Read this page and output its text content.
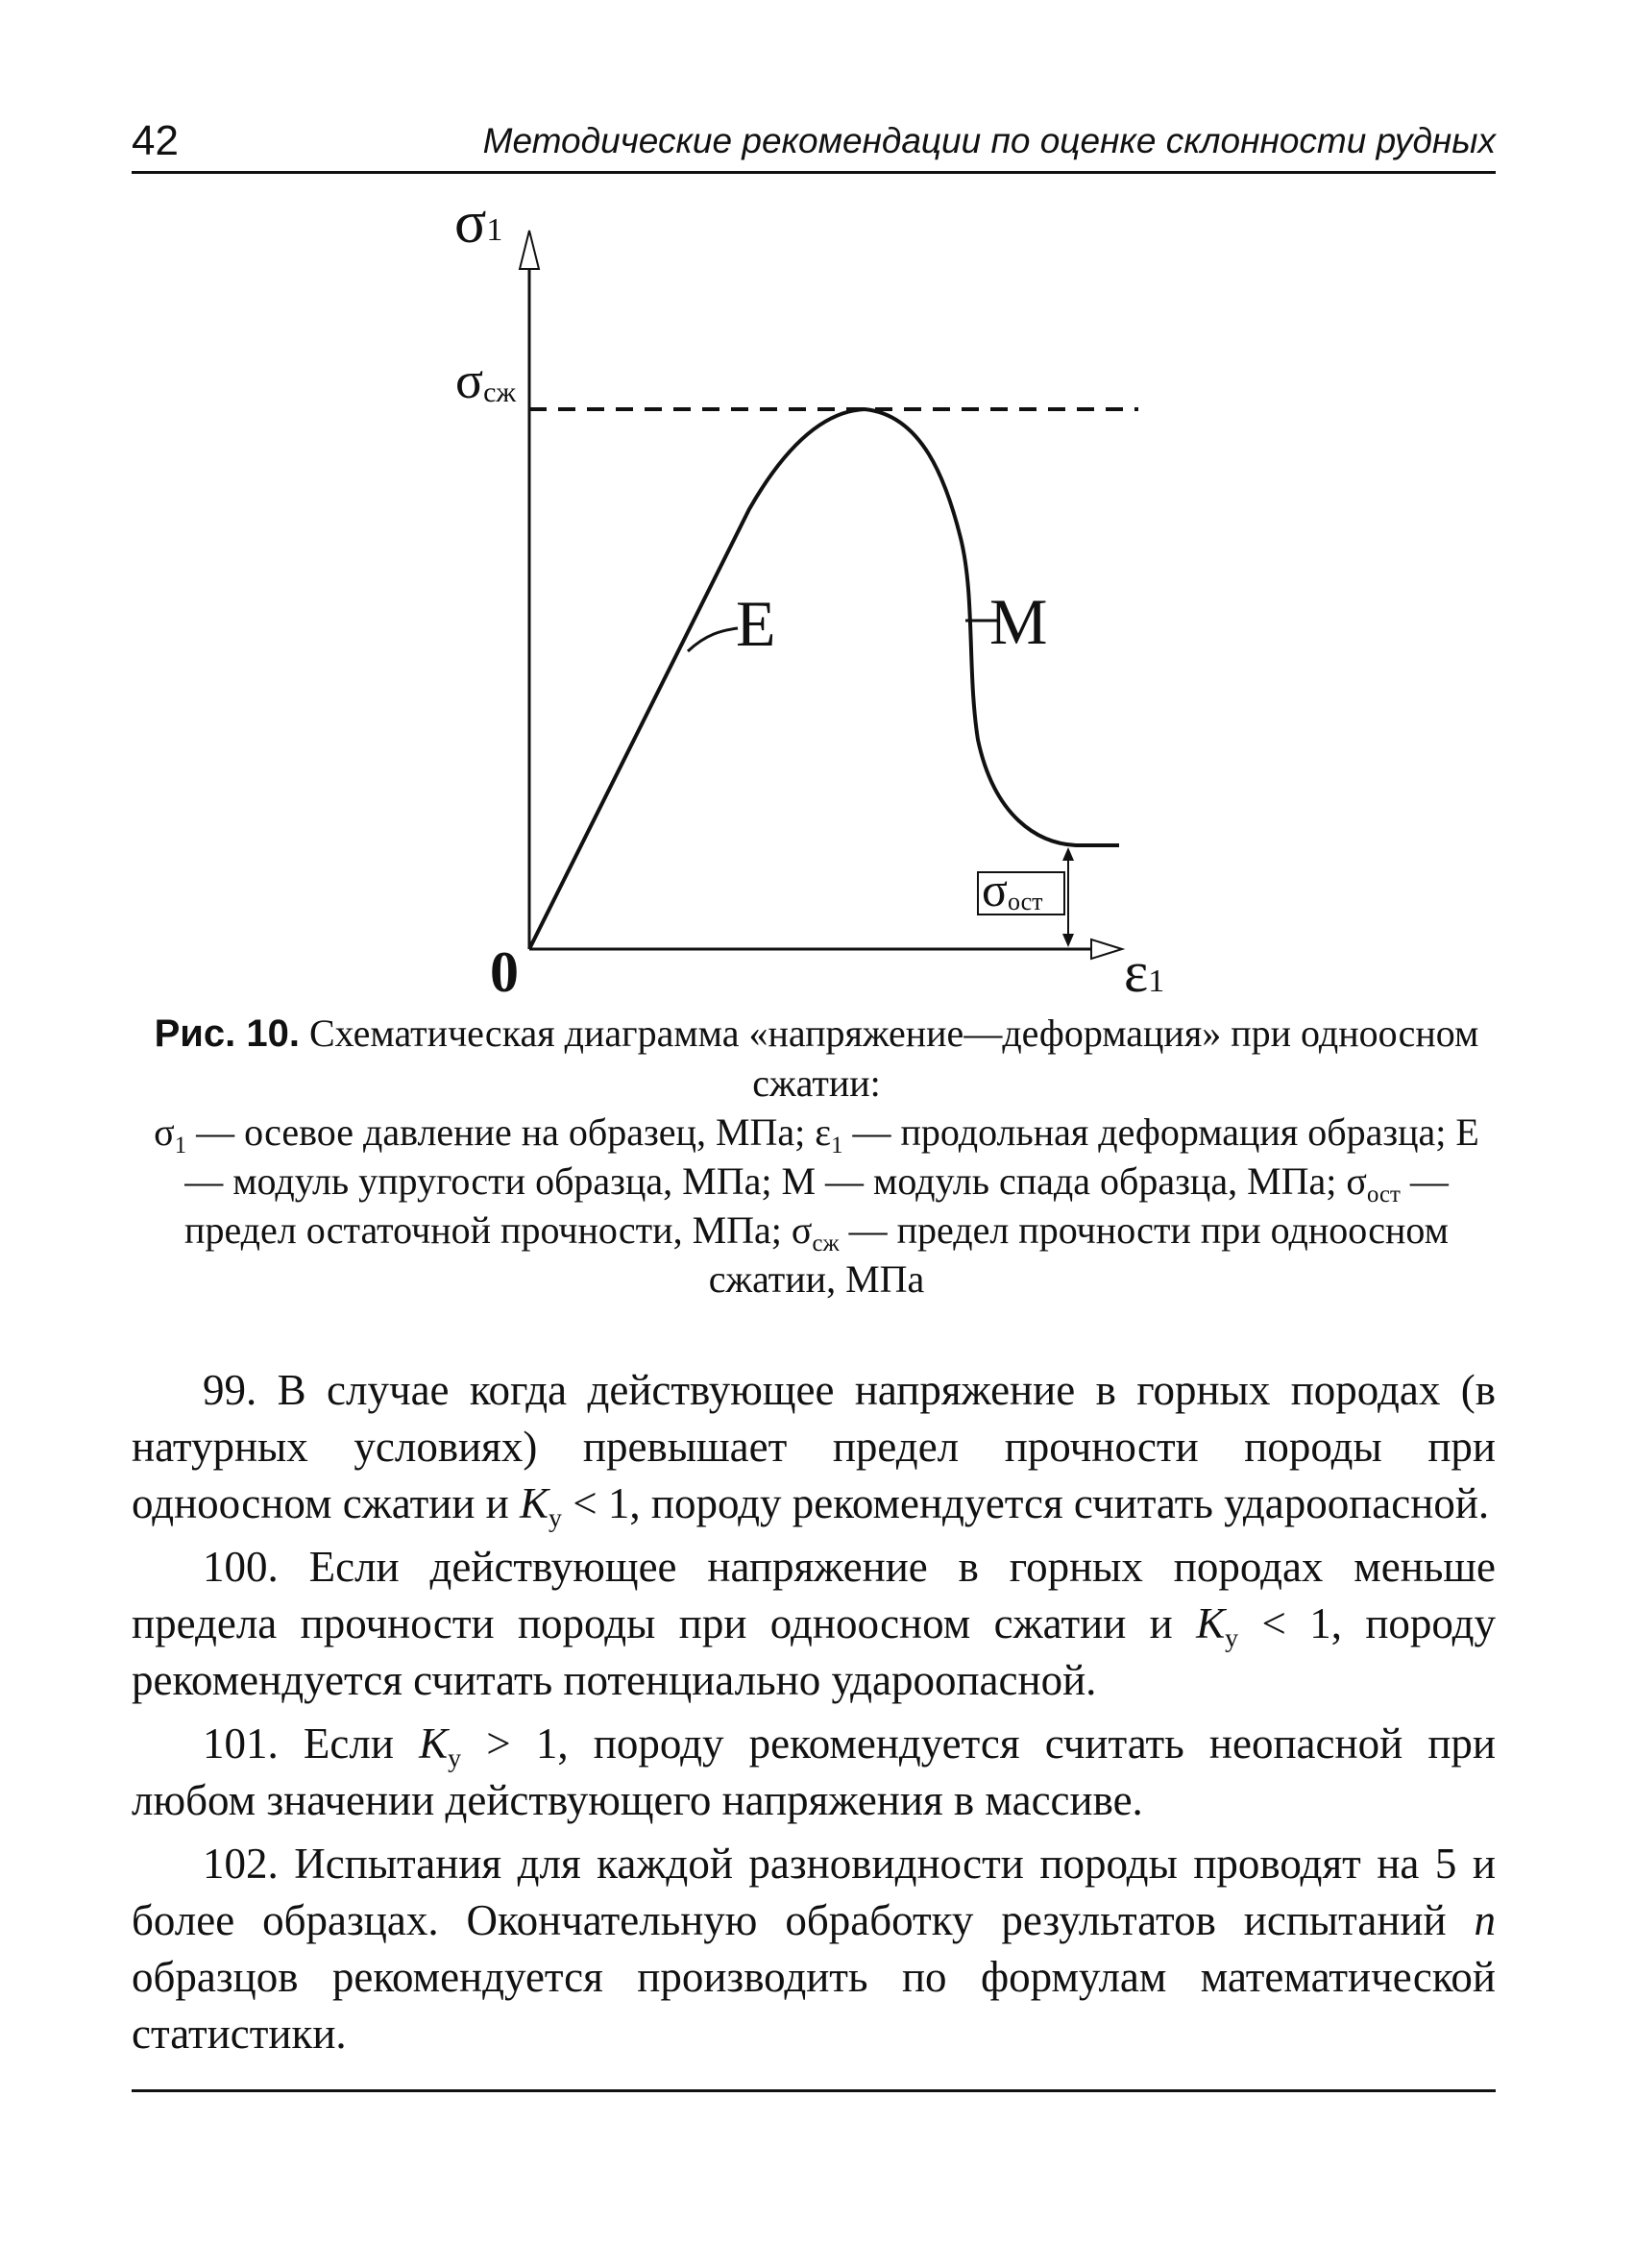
42	Методические рекомендации по оценке склонности рудных
E	M
σ1
σсж
σост
0	ε1
Рис. 10. Схематическая диаграмма «напряжение—деформация» при одноосном сжатии:
$\sigma_1$ — осевое давление на образец, МПа; $\varepsilon_1$ — продольная деформация образца; Е — модуль упругости образца, МПа; М — модуль спада образца, МПа; $\sigma_{ост}$ — предел остаточной прочности, МПа; $\sigma_{сж}$ — предел прочности при одноосном сжатии, МПа

99. В случае когда действующее напряжение в горных породах (в натурных условиях) превышает предел прочности породы при одноосном сжатии и $K_у < 1$, породу рекомендуется считать удароопасной.

100. Если действующее напряжение в горных породах меньше предела прочности породы при одноосном сжатии и $K_у < 1$, породу рекомендуется считать потенциально удароопасной.

101. Если $K_у > 1$, породу рекомендуется считать неопасной при любом значении действующего напряжения в массиве.

102. Испытания для каждой разновидности породы проводят на 5 и более образцах. Окончательную обработку результатов испытаний n образцов рекомендуется производить по формулам математической статистики.
